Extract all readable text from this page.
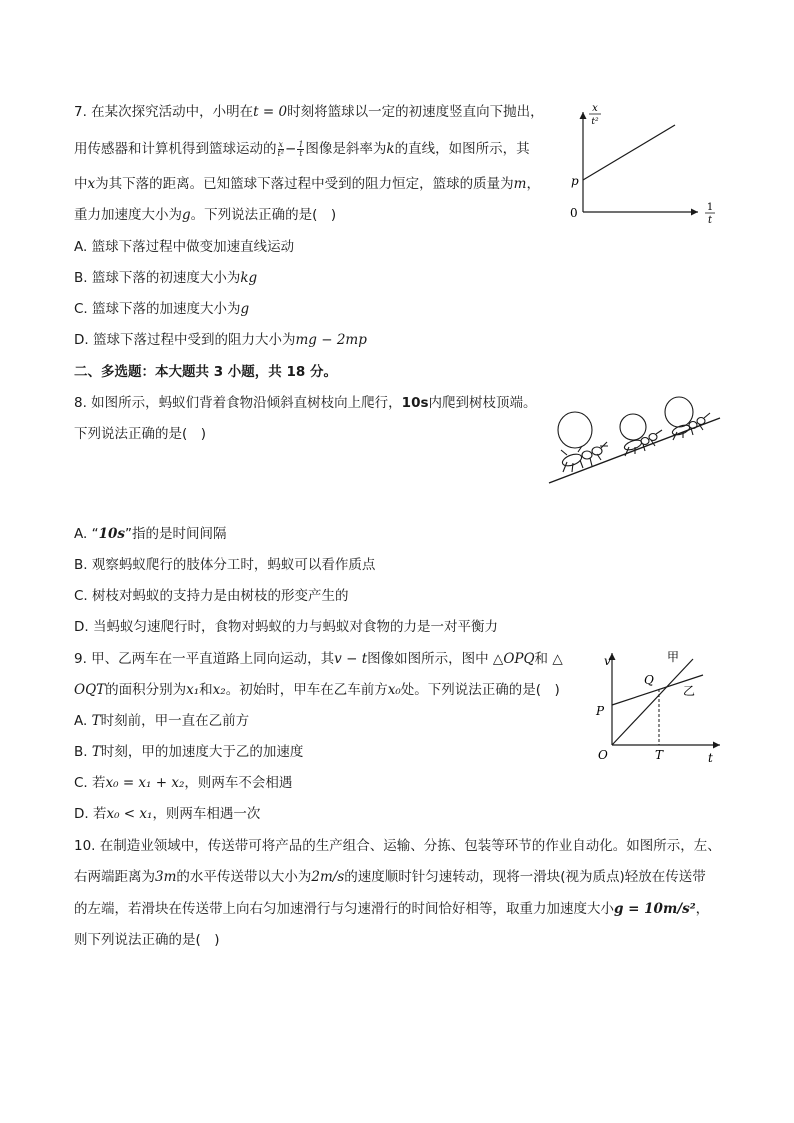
7. 在某次探究活动中，小明在t = 0时刻将篮球以一定的初速度竖直向下抛出，
用传感器和计算机得到篮球运动的 $\frac{x}{\text{t²}} - \frac{1}{t}$ 图像是斜率为k的直线，如图所示，其
中x为其下落的距离。已知篮球下落过程中受到的阻力恒定，篮球的质量为m，
重力加速度大小为g。下列说法正确的是(　)
A. 篮球下落过程中做变加速直线运动
B. 篮球下落的初速度大小为kg
C. 篮球下落的加速度大小为g
D. 篮球下落过程中受到的阻力大小为mg − 2mp
x
t²
p
0	1
t
二、多选题：本大题共 3 小题，共 18 分。
8. 如图所示，蚂蚁们背着食物沿倾斜直树枝向上爬行，10s内爬到树枝顶端。
下列说法正确的是(　)
A. “10s”指的是时间间隔
B. 观察蚂蚁爬行的肢体分工时，蚂蚁可以看作质点
C. 树枝对蚂蚁的支持力是由树枝的形变产生的
D. 当蚂蚁匀速爬行时，食物对蚂蚁的力与蚂蚁对食物的力是一对平衡力
9. 甲、乙两车在一平直道路上同向运动，其v − t图像如图所示，图中 △OPQ和 △
OQT的面积分别为x₁和x₂。初始时，甲车在乙车前方x₀处。下列说法正确的是(　)
A. T时刻前，甲一直在乙前方
B. T时刻，甲的加速度大于乙的加速度
C. 若x₀ = x₁ + x₂，则两车不会相遇
D. 若x₀ < x₁，则两车相遇一次
v	甲
乙
Q
P
O	T	t
10. 在制造业领域中，传送带可将产品的生产组合、运输、分拣、包装等环节的作业自动化。如图所示，左、
右两端距离为3m的水平传送带以大小为2m/s的速度顺时针匀速转动，现将一滑块(视为质点)轻放在传送带
的左端，若滑块在传送带上向右匀加速滑行与匀速滑行的时间恰好相等，取重力加速度大小g = 10m/s²，
则下列说法正确的是(　)
